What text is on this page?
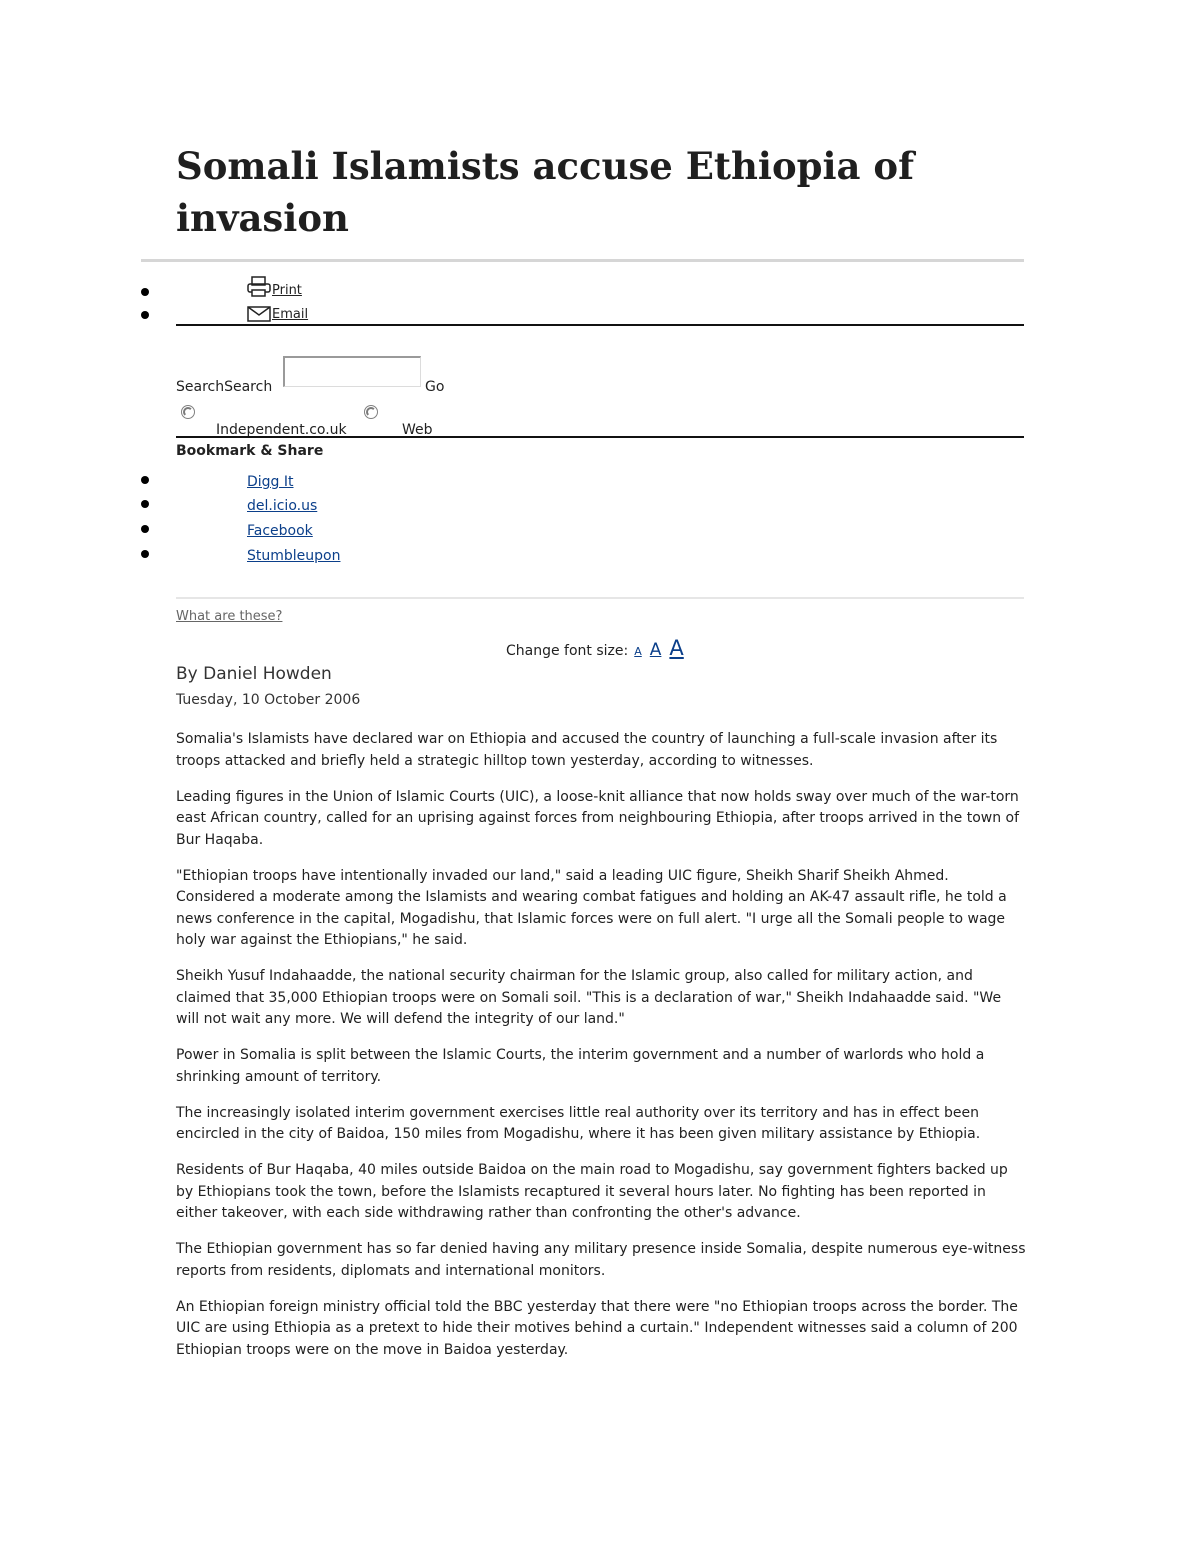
Somali Islamists accuse Ethiopia of invasion
Print
Email
SearchSearch	Go
Independent.co.uk	Web
Bookmark & Share
Digg It
del.icio.us
Facebook
Stumbleupon
What are these?
Change font size: A A A
By Daniel Howden
Tuesday, 10 October 2006

Somalia's Islamists have declared war on Ethiopia and accused the country of launching a full-scale invasion after its troops attacked and briefly held a strategic hilltop town yesterday, according to witnesses.

Leading figures in the Union of Islamic Courts (UIC), a loose-knit alliance that now holds sway over much of the war-torn east African country, called for an uprising against forces from neighbouring Ethiopia, after troops arrived in the town of Bur Haqaba.

"Ethiopian troops have intentionally invaded our land," said a leading UIC figure, Sheikh Sharif Sheikh Ahmed. Considered a moderate among the Islamists and wearing combat fatigues and holding an AK-47 assault rifle, he told a news conference in the capital, Mogadishu, that Islamic forces were on full alert. "I urge all the Somali people to wage holy war against the Ethiopians," he said.

Sheikh Yusuf Indahaadde, the national security chairman for the Islamic group, also called for military action, and claimed that 35,000 Ethiopian troops were on Somali soil. "This is a declaration of war," Sheikh Indahaadde said. "We will not wait any more. We will defend the integrity of our land."

Power in Somalia is split between the Islamic Courts, the interim government and a number of warlords who hold a shrinking amount of territory.

The increasingly isolated interim government exercises little real authority over its territory and has in effect been encircled in the city of Baidoa, 150 miles from Mogadishu, where it has been given military assistance by Ethiopia.

Residents of Bur Haqaba, 40 miles outside Baidoa on the main road to Mogadishu, say government fighters backed up by Ethiopians took the town, before the Islamists recaptured it several hours later. No fighting has been reported in either takeover, with each side withdrawing rather than confronting the other's advance.

The Ethiopian government has so far denied having any military presence inside Somalia, despite numerous eye-witness reports from residents, diplomats and international monitors.

An Ethiopian foreign ministry official told the BBC yesterday that there were "no Ethiopian troops across the border. The UIC are using Ethiopia as a pretext to hide their motives behind a curtain." Independent witnesses said a column of 200 Ethiopian troops were on the move in Baidoa yesterday.
